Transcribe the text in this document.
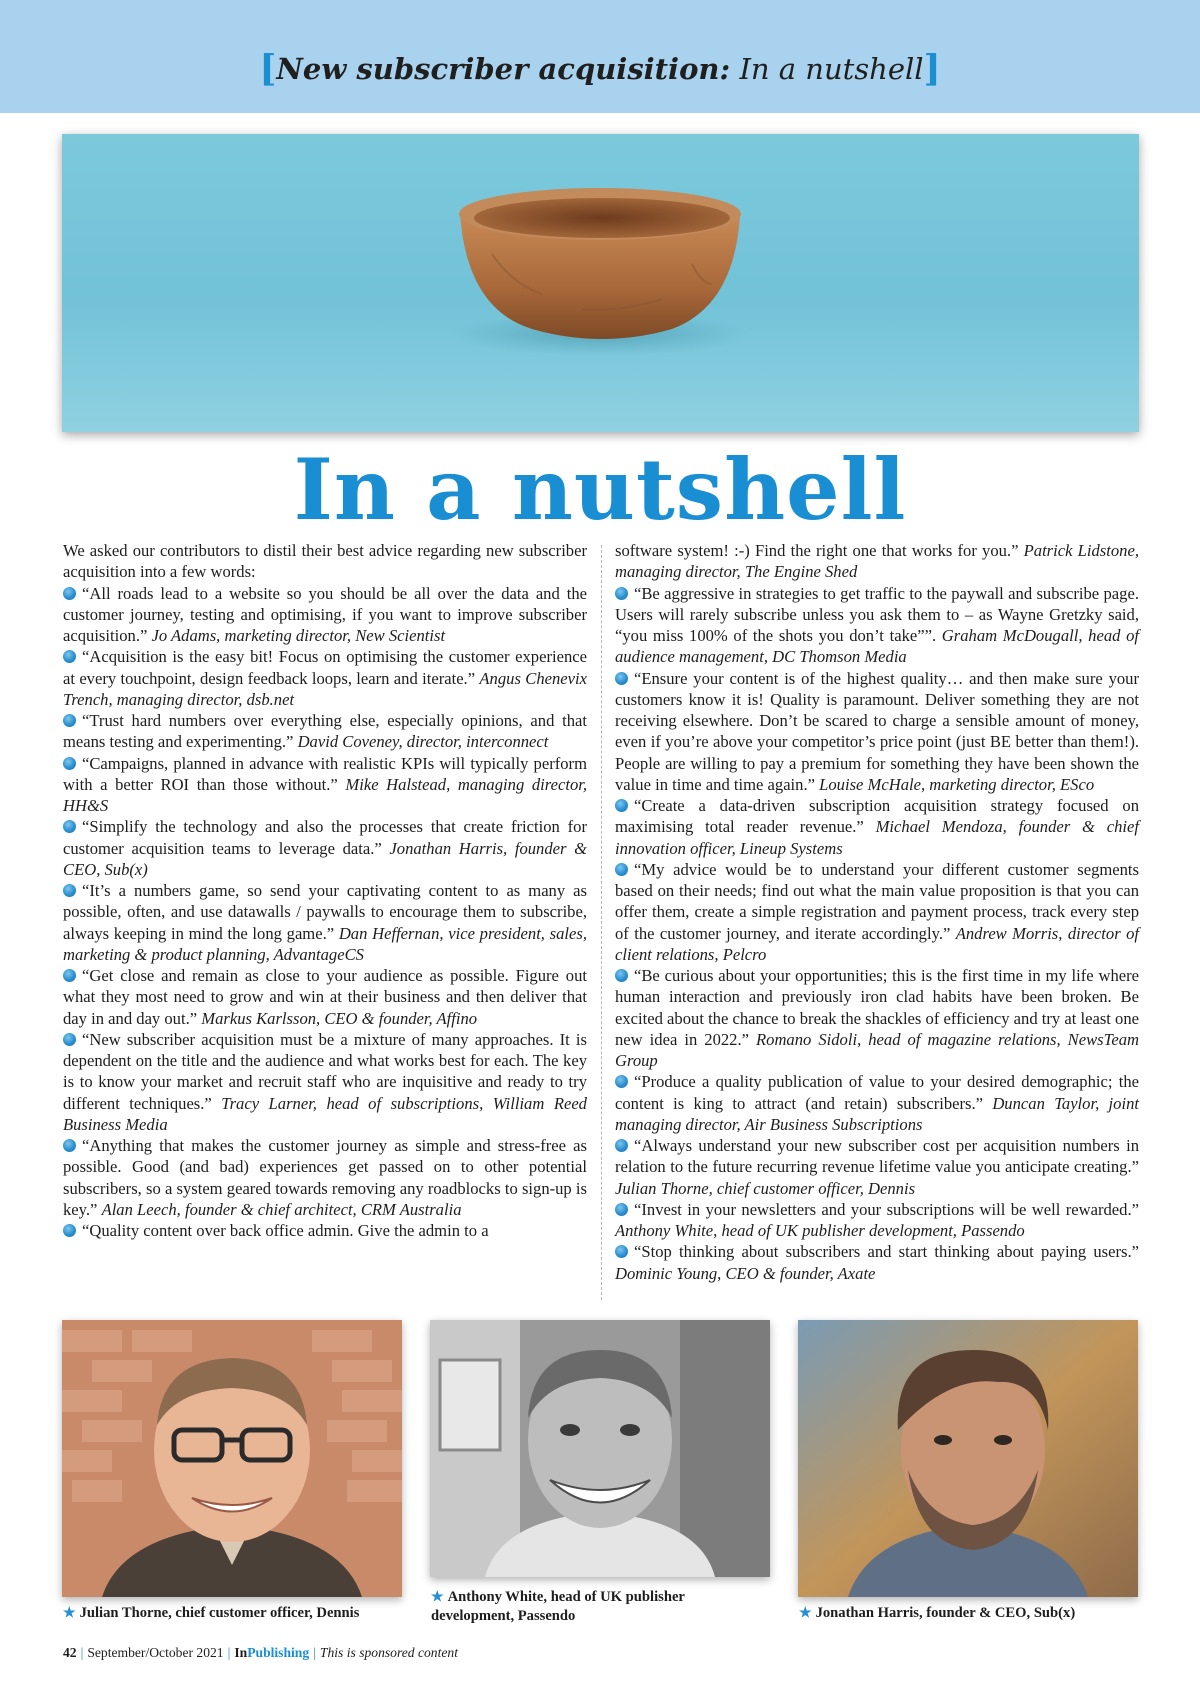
[New subscriber acquisition: In a nutshell]
In a nutshell

We asked our contributors to distil their best advice regarding new subscriber acquisition into a few words:

“All roads lead to a website so you should be all over the data and the customer journey, testing and optimising, if you want to improve subscriber acquisition.” Jo Adams, marketing director, New Scientist

“Acquisition is the easy bit! Focus on optimising the customer experience at every touchpoint, design feedback loops, learn and iterate.” Angus Chenevix Trench, managing director, dsb.net

“Trust hard numbers over everything else, especially opinions, and that means testing and experimenting.” David Coveney, director, interconnect

“Campaigns, planned in advance with realistic KPIs will typically perform with a better ROI than those without.” Mike Halstead, managing director, HH&S

“Simplify the technology and also the processes that create friction for customer acquisition teams to leverage data.” Jonathan Harris, founder & CEO, Sub(x)

“It’s a numbers game, so send your captivating content to as many as possible, often, and use datawalls / paywalls to encourage them to subscribe, always keeping in mind the long game.” Dan Heffernan, vice president, sales, marketing & product planning, AdvantageCS

“Get close and remain as close to your audience as possible. Figure out what they most need to grow and win at their business and then deliver that day in and day out.” Markus Karlsson, CEO & founder, Affino

“New subscriber acquisition must be a mixture of many approaches. It is dependent on the title and the audience and what works best for each. The key is to know your market and recruit staff who are inquisitive and ready to try different techniques.” Tracy Larner, head of subscriptions, William Reed Business Media

“Anything that makes the customer journey as simple and stress-free as possible. Good (and bad) experiences get passed on to other potential subscribers, so a system geared towards removing any roadblocks to sign-up is key.” Alan Leech, founder & chief architect, CRM Australia

“Quality content over back office admin. Give the admin to a

software system! :-) Find the right one that works for you.” Patrick Lidstone, managing director, The Engine Shed

“Be aggressive in strategies to get traffic to the paywall and subscribe page. Users will rarely subscribe unless you ask them to – as Wayne Gretzky said, “you miss 100% of the shots you don’t take””. Graham McDougall, head of audience management, DC Thomson Media

“Ensure your content is of the highest quality… and then make sure your customers know it is! Quality is paramount. Deliver something they are not receiving elsewhere. Don’t be scared to charge a sensible amount of money, even if you’re above your competitor’s price point (just BE better than them!). People are willing to pay a premium for something they have been shown the value in time and time again.” Louise McHale, marketing director, ESco

“Create a data-driven subscription acquisition strategy focused on maximising total reader revenue.” Michael Mendoza, founder & chief innovation officer, Lineup Systems

“My advice would be to understand your different customer segments based on their needs; find out what the main value proposition is that you can offer them, create a simple registration and payment process, track every step of the customer journey, and iterate accordingly.” Andrew Morris, director of client relations, Pelcro

“Be curious about your opportunities; this is the first time in my life where human interaction and previously iron clad habits have been broken. Be excited about the chance to break the shackles of efficiency and try at least one new idea in 2022.” Romano Sidoli, head of magazine relations, NewsTeam Group

“Produce a quality publication of value to your desired demographic; the content is king to attract (and retain) subscribers.” Duncan Taylor, joint managing director, Air Business Subscriptions

“Always understand your new subscriber cost per acquisition numbers in relation to the future recurring revenue lifetime value you anticipate creating.” Julian Thorne, chief customer officer, Dennis

“Invest in your newsletters and your subscriptions will be well rewarded.” Anthony White, head of UK publisher development, Passendo

“Stop thinking about subscribers and start thinking about paying users.” Dominic Young, CEO & founder, Axate

★ Julian Thorne, chief customer officer, Dennis
★ Anthony White, head of UK publisher development, Passendo	★ Jonathan Harris, founder & CEO, Sub(x)
42 | September/October 2021 | InPublishing | This is sponsored content
